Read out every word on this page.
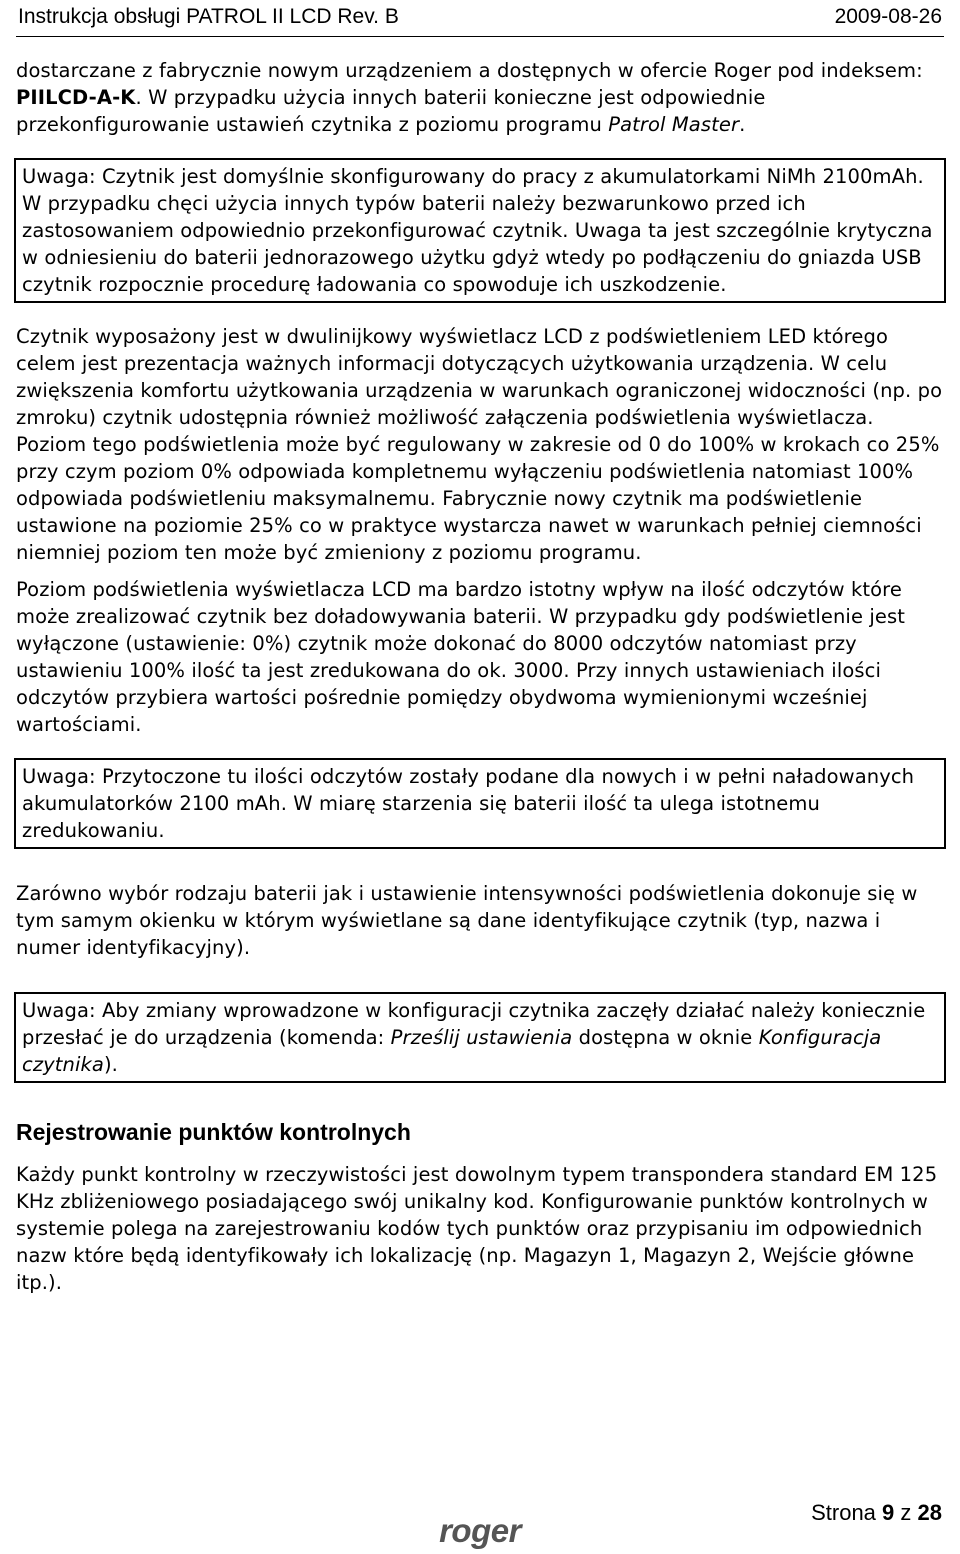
Instrukcja obsługi PATROL II LCD Rev. B	2009-08-26

dostarczane z fabrycznie nowym urządzeniem a dostępnych w ofercie Roger pod indeksem: PIILCD-A-K. W przypadku użycia innych baterii konieczne jest odpowiednie przekonfigurowanie ustawień czytnika z poziomu programu Patrol Master.

Uwaga: Czytnik jest domyślnie skonfigurowany do pracy z akumulatorkami NiMh 2100mAh. W przypadku chęci użycia innych typów baterii należy bezwarunkowo przed ich zastosowaniem odpowiednio przekonfigurować czytnik. Uwaga ta jest szczególnie krytyczna w odniesieniu do baterii jednorazowego użytku gdyż wtedy po podłączeniu do gniazda USB czytnik rozpocznie procedurę ładowania co spowoduje ich uszkodzenie.

Czytnik wyposażony jest w dwulinijkowy wyświetlacz LCD z podświetleniem LED którego celem jest prezentacja ważnych informacji dotyczących użytkowania urządzenia. W celu zwiększenia komfortu użytkowania urządzenia w warunkach ograniczonej widoczności (np. po zmroku) czytnik udostępnia również możliwość załączenia podświetlenia wyświetlacza. Poziom tego podświetlenia może być regulowany w zakresie od 0 do 100% w krokach co 25% przy czym poziom 0% odpowiada kompletnemu wyłączeniu podświetlenia natomiast 100% odpowiada podświetleniu maksymalnemu. Fabrycznie nowy czytnik ma podświetlenie ustawione na poziomie 25% co w praktyce wystarcza nawet w warunkach pełniej ciemności niemniej poziom ten może być zmieniony z poziomu programu.

Poziom podświetlenia wyświetlacza LCD ma bardzo istotny wpływ na ilość odczytów które może zrealizować czytnik bez doładowywania baterii. W przypadku gdy podświetlenie jest wyłączone (ustawienie: 0%) czytnik może dokonać do 8000 odczytów natomiast przy ustawieniu 100% ilość ta jest zredukowana do ok. 3000. Przy innych ustawieniach ilości odczytów przybiera wartości pośrednie pomiędzy obydwoma wymienionymi wcześniej wartościami.

Uwaga: Przytoczone tu ilości odczytów zostały podane dla nowych i w pełni naładowanych akumulatorków 2100 mAh. W miarę starzenia się baterii ilość ta ulega istotnemu zredukowaniu.

Zarówno wybór rodzaju baterii jak i ustawienie intensywności podświetlenia dokonuje się w tym samym okienku w którym wyświetlane są dane identyfikujące czytnik (typ, nazwa i numer identyfikacyjny).

Uwaga: Aby zmiany wprowadzone w konfiguracji czytnika zaczęły działać należy koniecznie przesłać je do urządzenia (komenda: Prześlij ustawienia dostępna w oknie Konfiguracja czytnika).

Rejestrowanie punktów kontrolnych

Każdy punkt kontrolny w rzeczywistości jest dowolnym typem transpondera standard EM 125 KHz zbliżeniowego posiadającego swój unikalny kod. Konfigurowanie punktów kontrolnych w systemie polega na zarejestrowaniu kodów tych punktów oraz przypisaniu im odpowiednich nazw które będą identyfikowały ich lokalizację (np. Magazyn 1, Magazyn 2, Wejście główne itp.).

Strona 9 z 28
roger
